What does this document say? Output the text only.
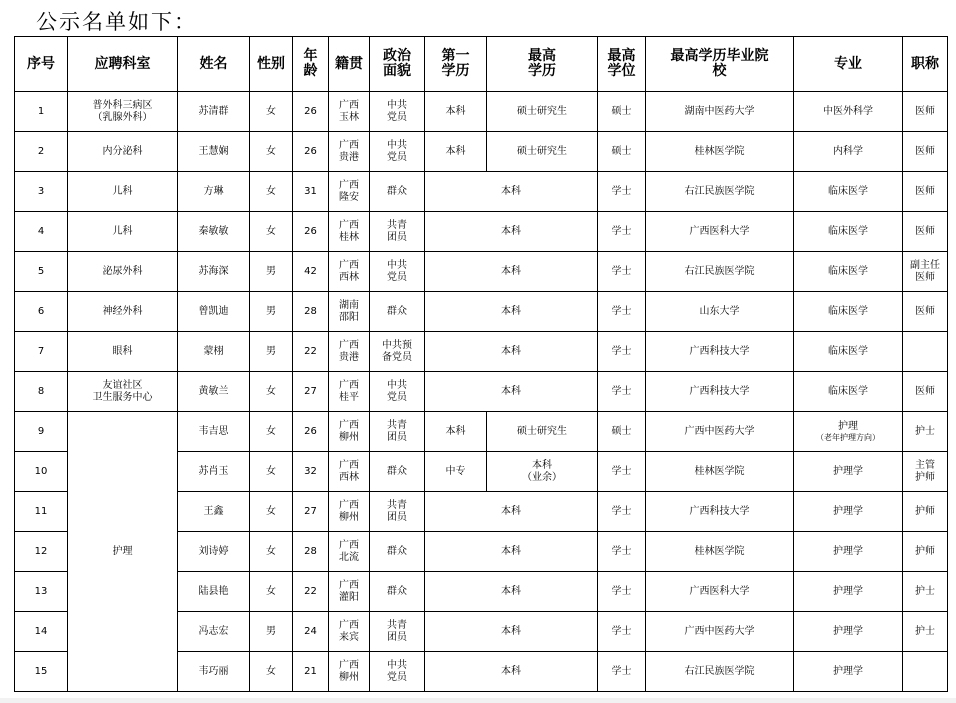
公示名单如下：
序号	应聘科室	姓名	性别	年
龄	籍贯	政治
面貌	第一
学历	最高
学历	最高
学位	最高学历毕业院
校	专业	职称
1	普外科三病区
（乳腺外科）	苏清群	女	26	广西
玉林	中共
党员	本科	硕士研究生	硕士	湖南中医药大学	中医外科学	医师
2	内分泌科	王慧娴	女	26	广西
贵港	中共
党员	本科	硕士研究生	硕士	桂林医学院	内科学	医师
3	儿科	方琳	女	31	广西
隆安	群众	本科		学士	右江民族医学院	临床医学	医师
4	儿科	秦敏敏	女	26	广西
桂林	共青
团员	本科		学士	广西医科大学	临床医学	医师
5	泌尿外科	苏海深	男	42	广西
西林	中共
党员	本科		学士	右江民族医学院	临床医学	副主任
医师
6	神经外科	曾凯迪	男	28	湖南
邵阳	群众	本科		学士	山东大学	临床医学	医师
7	眼科	蒙栩	男	22	广西
贵港	中共预
备党员	本科		学士	广西科技大学	临床医学	
8	友谊社区
卫生服务中心	黄敏兰	女	27	广西
桂平	中共
党员	本科		学士	广西科技大学	临床医学	医师
9	护理	韦吉思	女	26	广西
柳州	共青
团员	本科	硕士研究生	硕士	广西中医药大学	护理
（老年护理方向）	护士
10		苏肖玉	女	32	广西
西林	群众	中专	本科
（业余）	学士	桂林医学院	护理学	主管
护师
11		王鑫	女	27	广西
柳州	共青
团员	本科		学士	广西科技大学	护理学	护师
12		刘诗婷	女	28	广西
北流	群众	本科		学士	桂林医学院	护理学	护师
13		陆县艳	女	22	广西
灌阳	群众	本科		学士	广西医科大学	护理学	护士
14		冯志宏	男	24	广西
来宾	共青
团员	本科		学士	广西中医药大学	护理学	护士
15		韦巧丽	女	21	广西
柳州	中共
党员	本科		学士	右江民族医学院	护理学	
